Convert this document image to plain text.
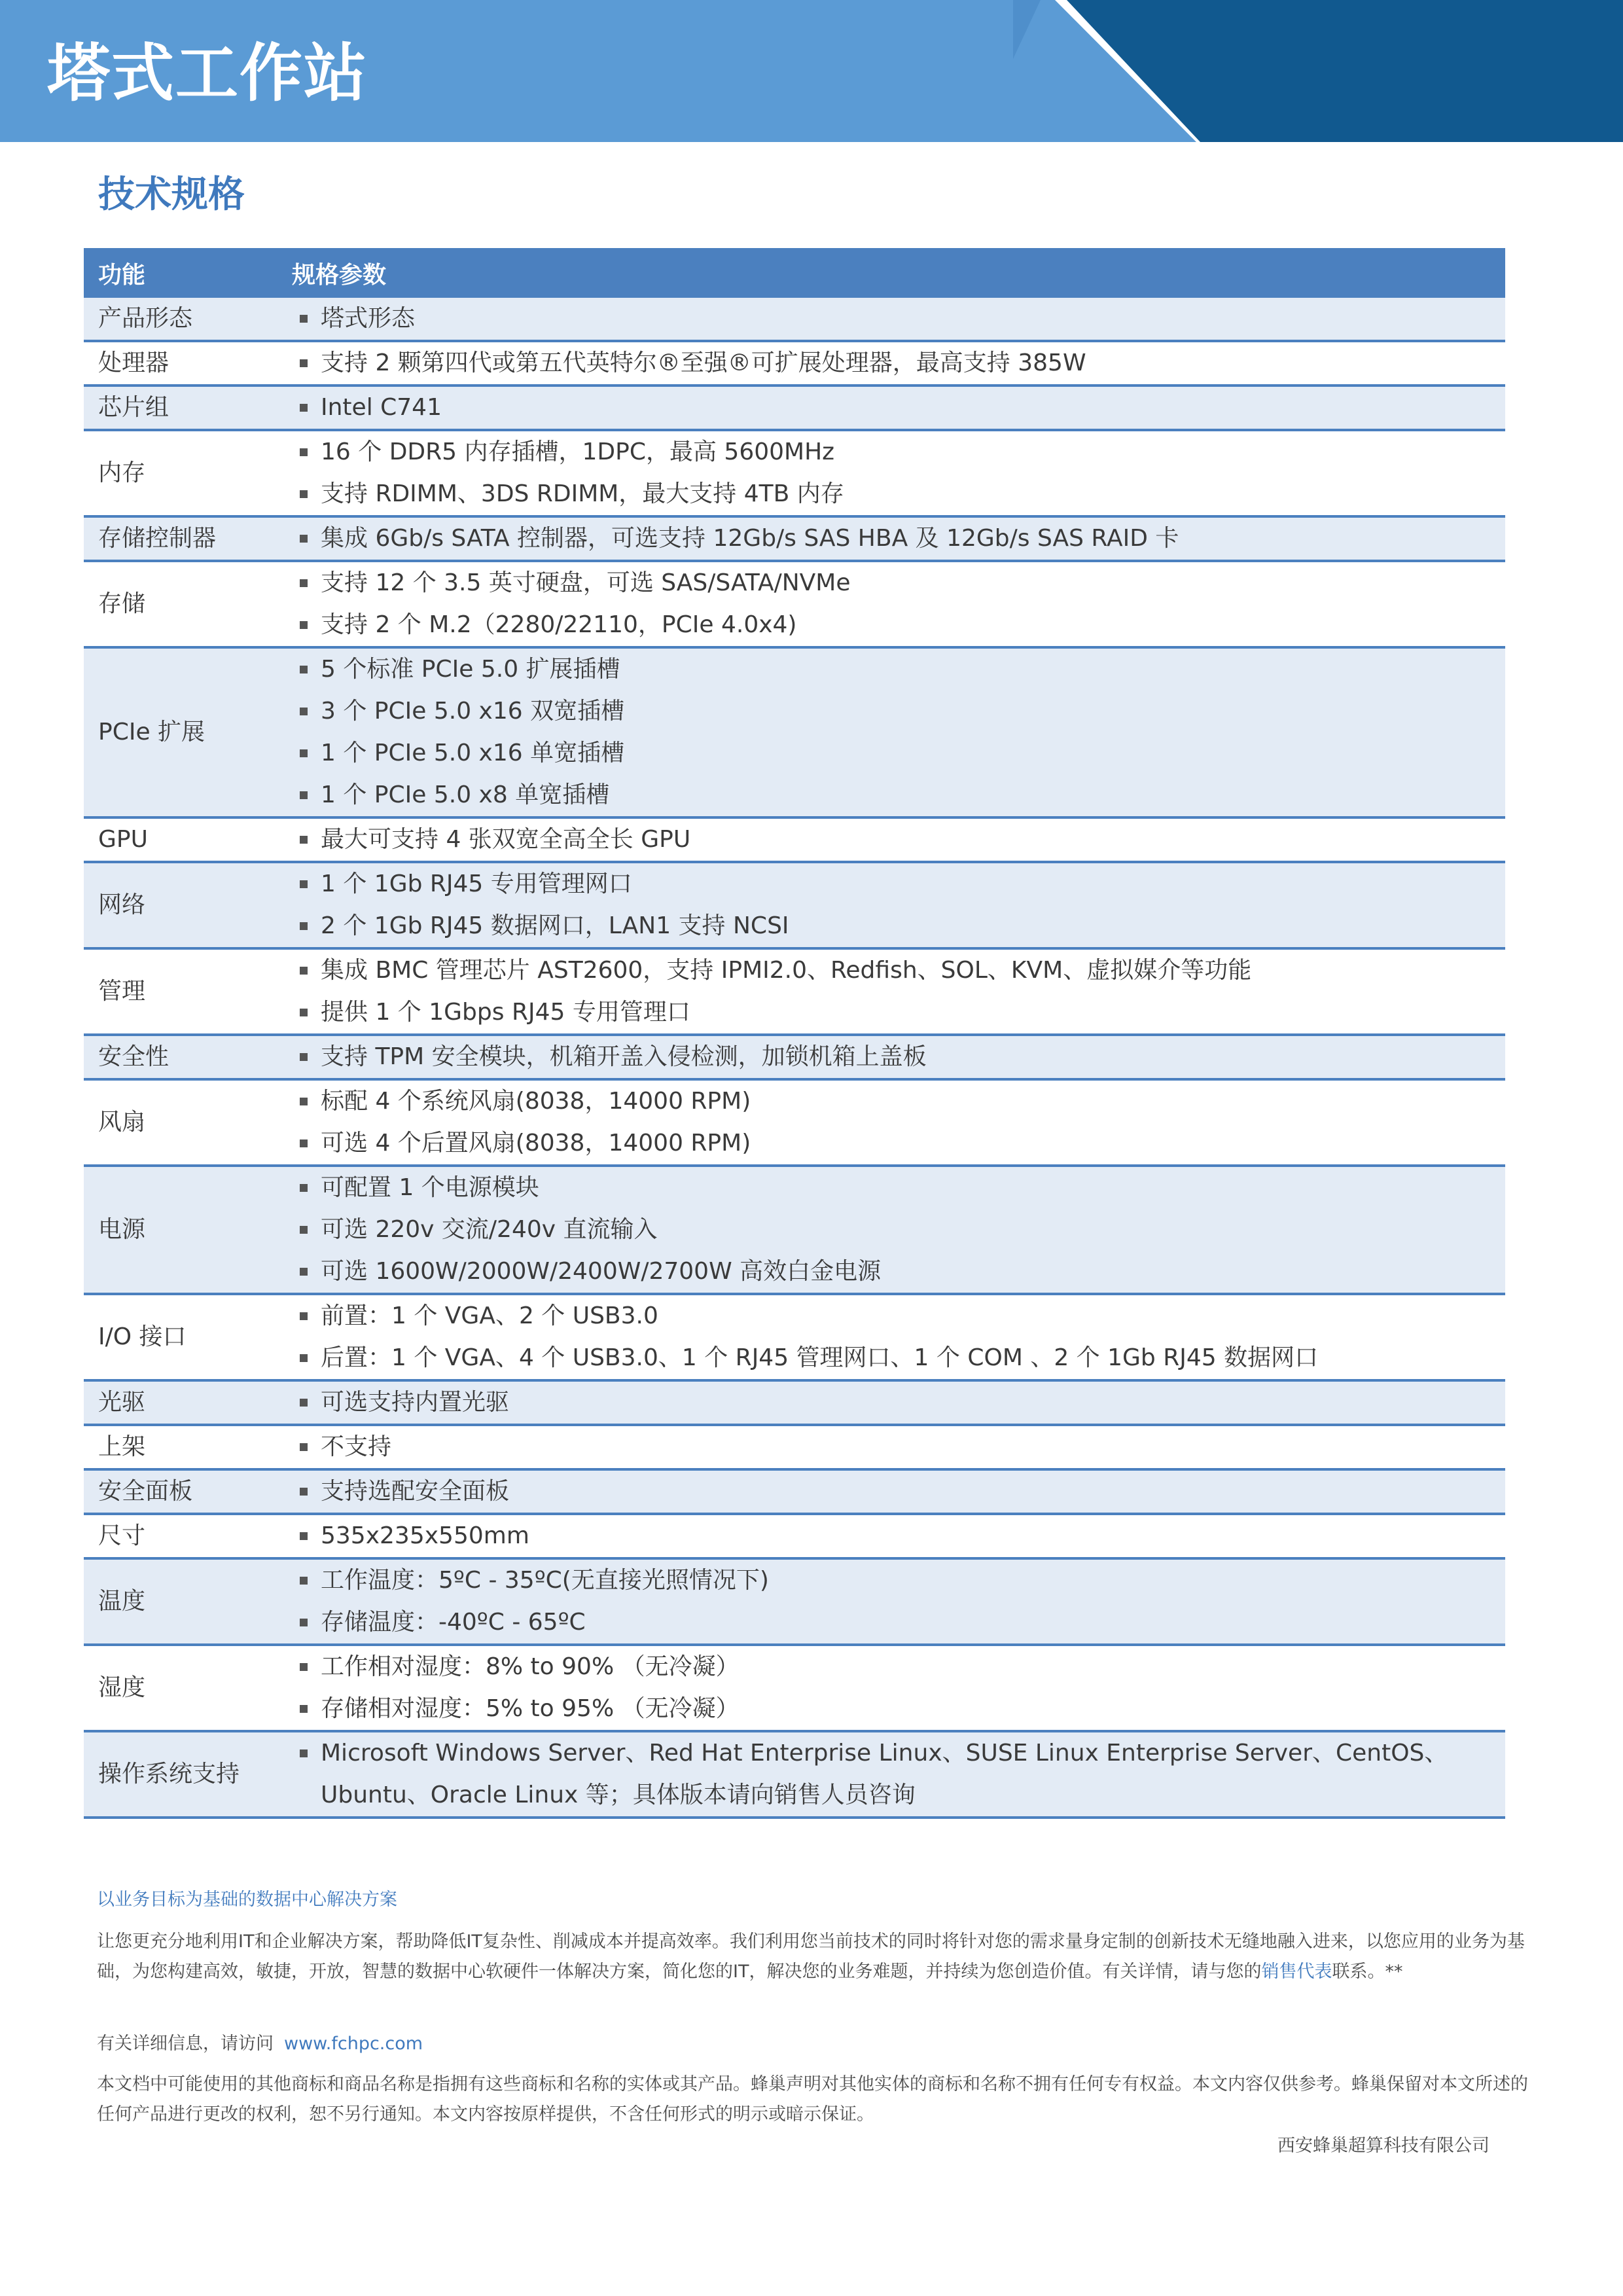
塔式工作站
技术规格
功能	规格参数
产品形态	塔式形态

处理器	支持 2 颗第四代或第五代英特尔®至强®可扩展处理器，最高支持 385W

芯片组	Intel C741

内存	16 个 DDR5 内存插槽，1DPC，最高 5600MHz
支持 RDIMM、3DS RDIMM，最大支持 4TB 内存

存储控制器	集成 6Gb/s SATA 控制器，可选支持 12Gb/s SAS HBA 及 12Gb/s SAS RAID 卡

存储	支持 12 个 3.5 英寸硬盘，可选 SAS/SATA/NVMe
支持 2 个 M.2（2280/22110，PCIe 4.0x4)

PCIe 扩展	5 个标准 PCIe 5.0 扩展插槽
3 个 PCIe 5.0 x16 双宽插槽
1 个 PCIe 5.0 x16 单宽插槽
1 个 PCIe 5.0 x8 单宽插槽

GPU	最大可支持 4 张双宽全高全长 GPU

网络	1 个 1Gb RJ45 专用管理网口
2 个 1Gb RJ45 数据网口，LAN1 支持 NCSI

管理	集成 BMC 管理芯片 AST2600，支持 IPMI2.0、Redfish、SOL、KVM、虚拟媒介等功能
提供 1 个 1Gbps RJ45 专用管理口

安全性	支持 TPM 安全模块，机箱开盖入侵检测，加锁机箱上盖板

风扇	标配 4 个系统风扇(8038，14000 RPM)
可选 4 个后置风扇(8038，14000 RPM)

电源	可配置 1 个电源模块
可选 220v 交流/240v 直流输入
可选 1600W/2000W/2400W/2700W 高效白金电源

I/O 接口	前置：1 个 VGA、2 个 USB3.0
后置：1 个 VGA、4 个 USB3.0、1 个 RJ45 管理网口、1 个 COM 、2 个 1Gb RJ45 数据网口

光驱	可选支持内置光驱

上架	不支持

安全面板	支持选配安全面板

尺寸	535x235x550mm

温度	工作温度：5ºC - 35ºC(无直接光照情况下)
存储温度：-40ºC - 65ºC

湿度	工作相对湿度：8% to 90% （无冷凝）
存储相对湿度：5% to 95% （无冷凝）

操作系统支持	Microsoft Windows Server、Red Hat Enterprise Linux、SUSE Linux Enterprise Server、CentOS、Ubuntu、Oracle Linux 等；具体版本请向销售人员咨询
以业务目标为基础的数据中心解决方案
让您更充分地利用IT和企业解决方案，帮助降低IT复杂性、削减成本并提高效率。我们利用您当前技术的同时将针对您的需求量身定制的创新技术无缝地融入进来，以您应用的业务为基础，为您构建高效，敏捷，开放，智慧的数据中心软硬件一体解决方案，简化您的IT，解决您的业务难题，并持续为您创造价值。有关详情，请与您的销售代表联系。**
有关详细信息，请访问 www.fchpc.com
本文档中可能使用的其他商标和商品名称是指拥有这些商标和名称的实体或其产品。蜂巢声明对其他实体的商标和名称不拥有任何专有权益。本文内容仅供参考。蜂巢保留对本文所述的任何产品进行更改的权利，恕不另行通知。本文内容按原样提供，不含任何形式的明示或暗示保证。
西安蜂巢超算科技有限公司
